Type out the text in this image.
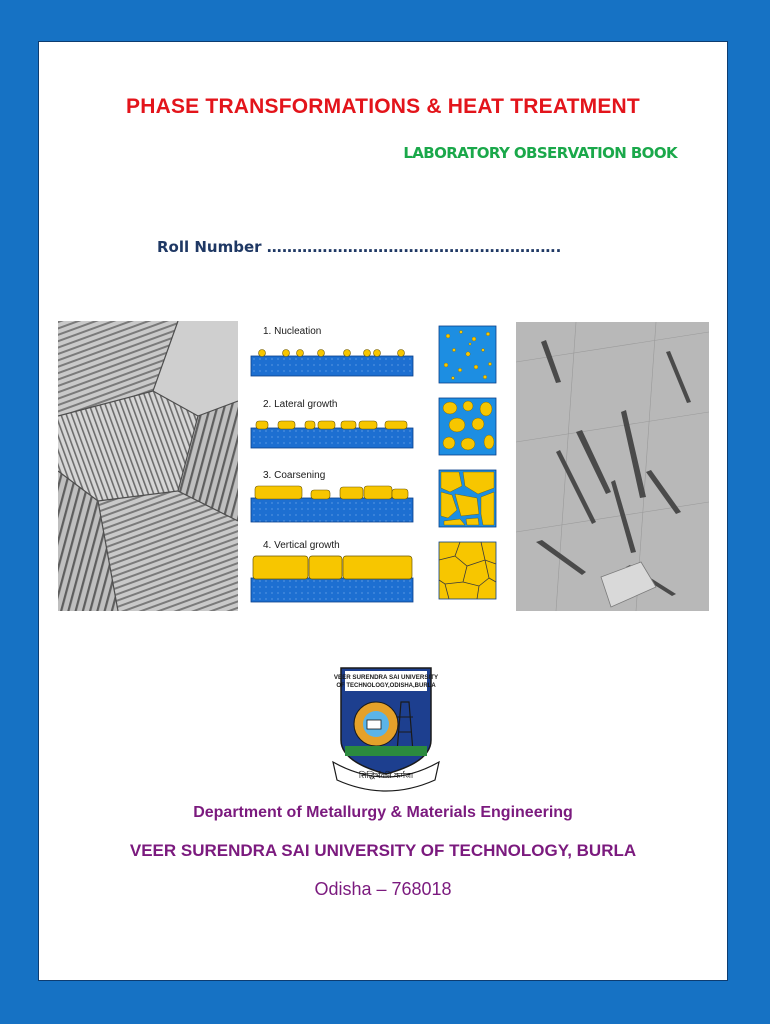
PHASE TRANSFORMATIONS & HEAT TREATMENT
LABORATORY OBSERVATION BOOK
Roll Number ………………………………………………….
1. Nucleation
2. Lateral growth
3. Coarsening
4. Vertical growth
VEER SURENDRA SAI UNIVERSITY
OF TECHNOLOGY,ODISHA,BURLA
सिद्धिर्भवति कर्मजा
Department of Metallurgy & Materials Engineering
VEER SURENDRA SAI UNIVERSITY OF TECHNOLOGY, BURLA
Odisha – 768018
